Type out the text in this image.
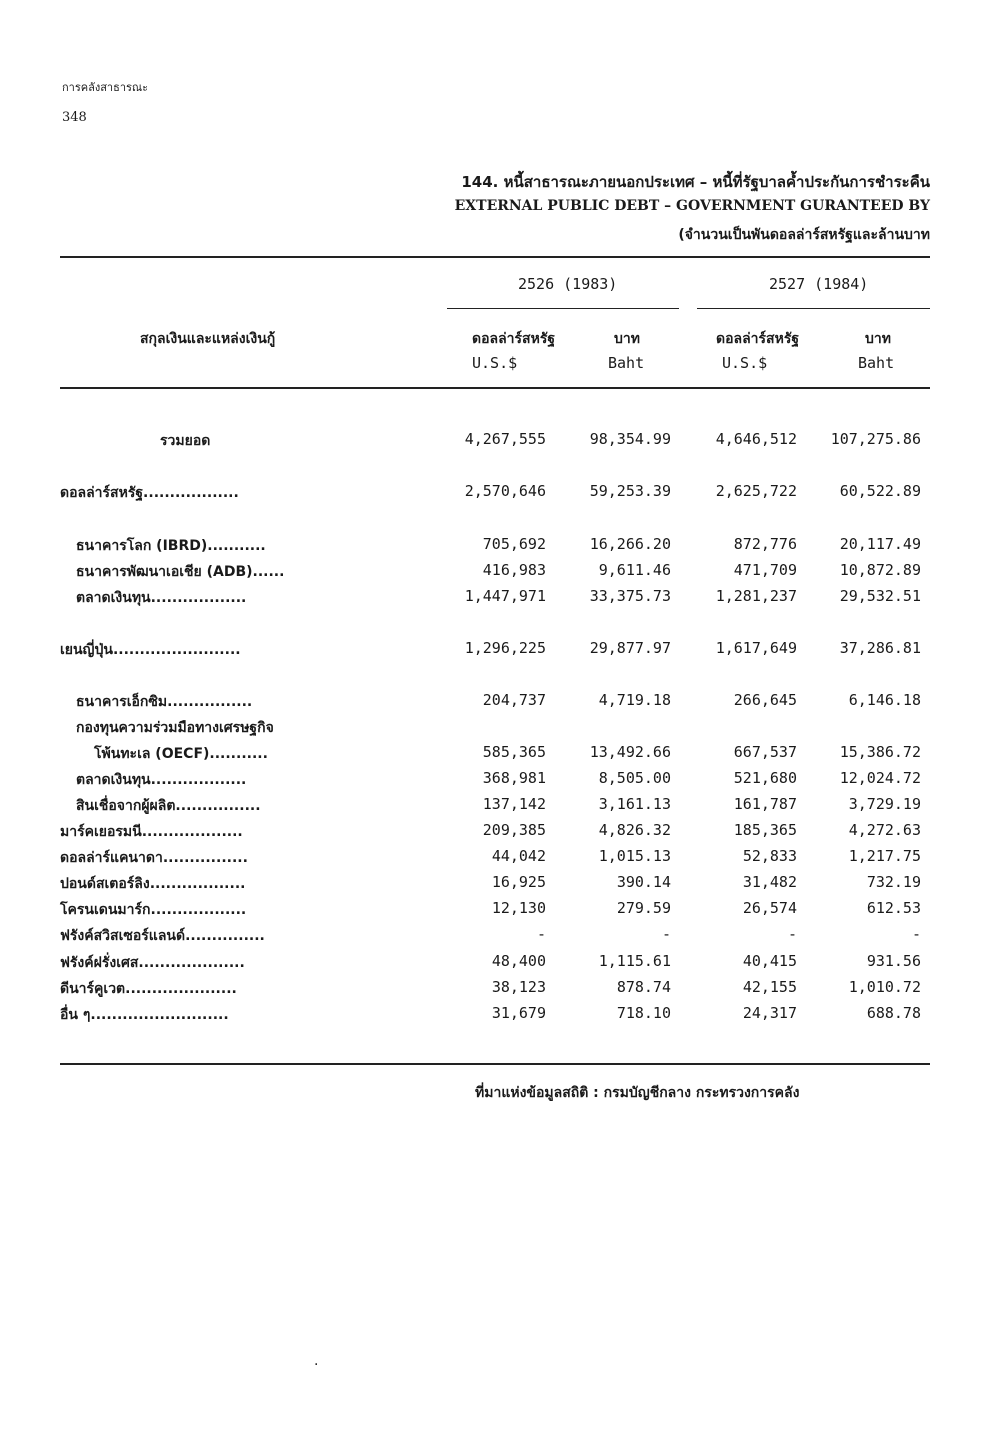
การคลังสาธารณะ
348
144. หนี้สาธารณะภายนอกประเทศ – หนี้ที่รัฐบาลค้ำประกันการชำระคืน
EXTERNAL PUBLIC DEBT – GOVERNMENT GURANTEED BY
(จำนวนเป็นพันดอลล่าร์สหรัฐและล้านบาท
2526 (1983)	2527 (1984)
สกุลเงินและแหล่งเงินกู้	ดอลล่าร์สหรัฐ	บาท	ดอลล่าร์สหรัฐ	บาท
U.S.$	Baht	U.S.$	Baht
รวมยอด	4,267,555	98,354.99	4,646,512	107,275.86
ดอลล่าร์สหรัฐ..................	2,570,646	59,253.39	2,625,722	60,522.89
ธนาคารโลก (IBRD)...........	705,692	16,266.20	872,776	20,117.49
ธนาคารพัฒนาเอเชีย (ADB)......	416,983	9,611.46	471,709	10,872.89
ตลาดเงินทุน..................	1,447,971	33,375.73	1,281,237	29,532.51
เยนญี่ปุ่น........................	1,296,225	29,877.97	1,617,649	37,286.81
ธนาคารเอ็กซิม................	204,737	4,719.18	266,645	6,146.18
กองทุนความร่วมมือทางเศรษฐกิจ
โพ้นทะเล (OECF)...........	585,365	13,492.66	667,537	15,386.72
ตลาดเงินทุน..................	368,981	8,505.00	521,680	12,024.72
สินเชื่อจากผู้ผลิต................	137,142	3,161.13	161,787	3,729.19
มาร์คเยอรมนี...................	209,385	4,826.32	185,365	4,272.63
ดอลล่าร์แคนาดา................	44,042	1,015.13	52,833	1,217.75
ปอนด์สเตอร์ลิง..................	16,925	390.14	31,482	732.19
โครนเดนมาร์ก..................	12,130	279.59	26,574	612.53
ฟรังค์สวิสเซอร์แลนด์...............	-	-	-	-
ฟรังค์ฝรั่งเศส....................	48,400	1,115.61	40,415	931.56
ดีนาร์คูเวต.....................	38,123	878.74	42,155	1,010.72
อื่น ๆ..........................	31,679	718.10	24,317	688.78
ที่มาแห่งข้อมูลสถิติ : กรมบัญชีกลาง กระทรวงการคลัง
·
